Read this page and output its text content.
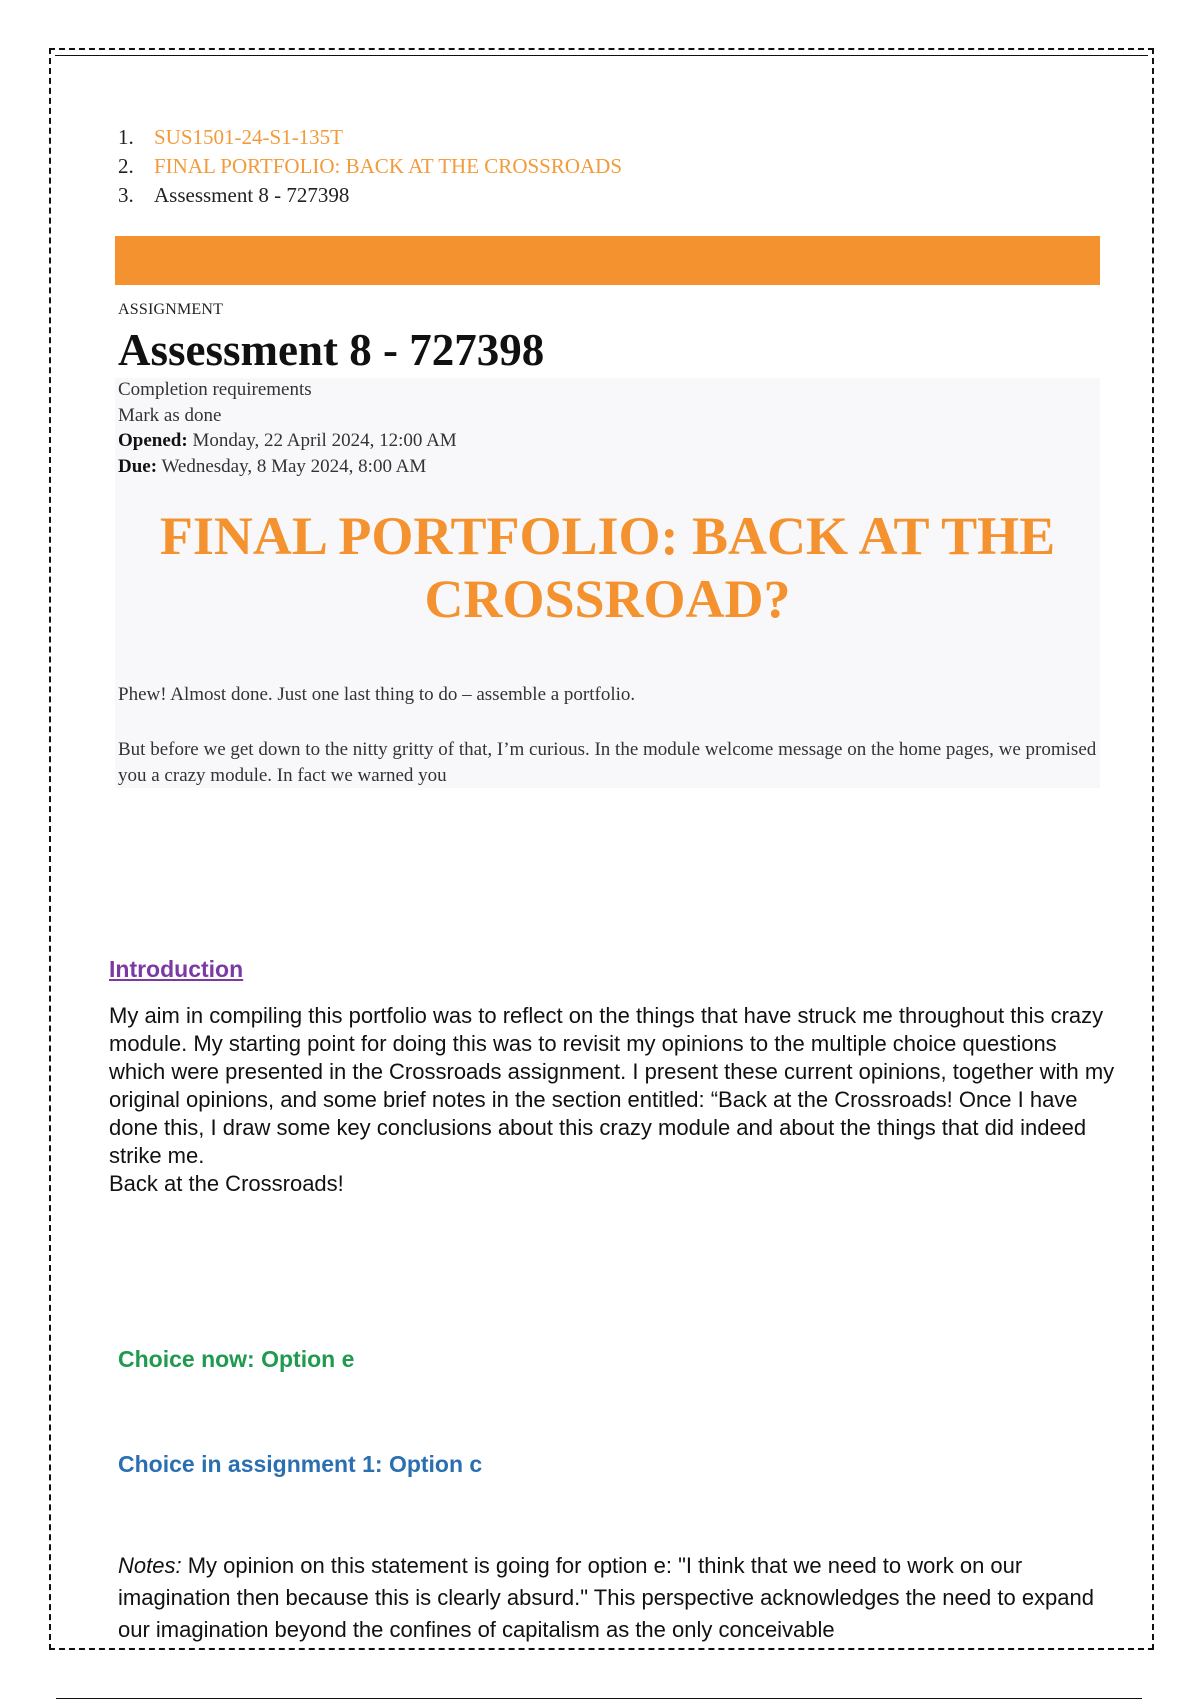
1. SUS1501-24-S1-135T
2. FINAL PORTFOLIO: BACK AT THE CROSSROADS
3. Assessment 8 - 727398
ASSIGNMENT
Assessment 8 - 727398
Completion requirements
Mark as done
Opened: Monday, 22 April 2024, 12:00 AM
Due: Wednesday, 8 May 2024, 8:00 AM
FINAL PORTFOLIO: BACK AT THE
CROSSROAD?
Phew! Almost done. Just one last thing to do – assemble a portfolio.
But before we get down to the nitty gritty of that, I’m curious. In the module welcome message on the home pages, we promised you a crazy module. In fact we warned you
Introduction
My aim in compiling this portfolio was to reflect on the things that have struck me throughout this crazy module. My starting point for doing this was to revisit my opinions to the multiple choice questions which were presented in the Crossroads assignment. I present these current opinions, together with my original opinions, and some brief notes in the section entitled: “Back at the Crossroads! Once I have done this, I draw some key conclusions about this crazy module and about the things that did indeed strike me.
Back at the Crossroads!
Choice now: Option e
Choice in assignment 1: Option c
Notes: My opinion on this statement is going for option e: "I think that we need to work on our imagination then because this is clearly absurd." This perspective acknowledges the need to expand our imagination beyond the confines of capitalism as the only conceivable
